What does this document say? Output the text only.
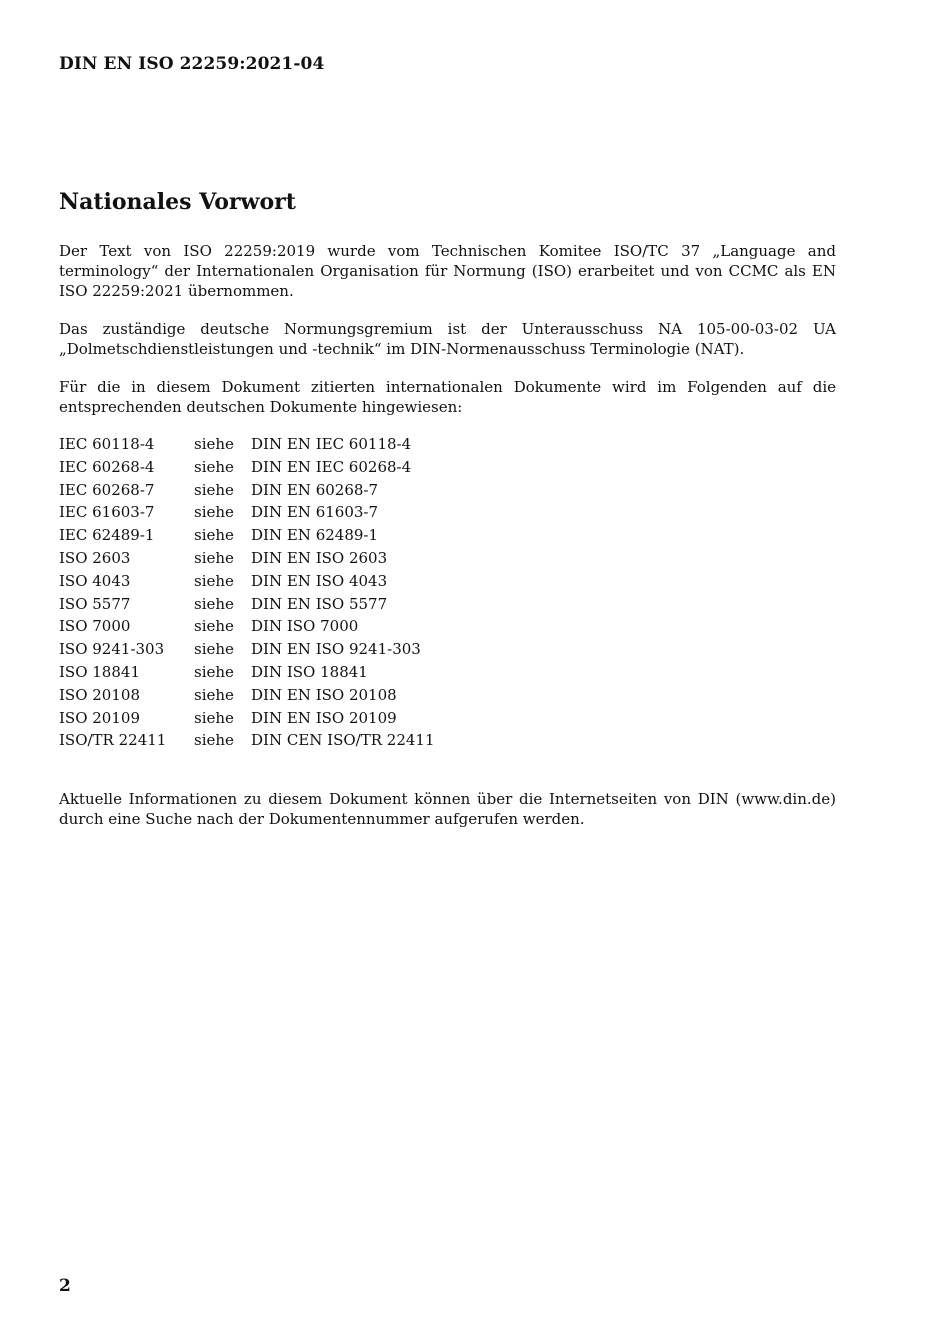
DIN EN ISO 22259:2021-04
Nationales Vorwort

Der Text von ISO 22259:2019 wurde vom Technischen Komitee ISO/TC 37 „Language and terminology“ der Internationalen Organisation für Normung (ISO) erarbeitet und von CCMC als EN ISO 22259:2021 übernommen.

Das zuständige deutsche Normungsgremium ist der Unterausschuss NA 105-00-03-02 UA „Dolmetschdienstleistungen und -technik“ im DIN-Normenausschuss Terminologie (NAT).

Für die in diesem Dokument zitierten internationalen Dokumente wird im Folgenden auf die entsprechenden deutschen Dokumente hingewiesen:

IEC 60118-4	siehe	DIN EN IEC 60118-4
IEC 60268-4	siehe	DIN EN IEC 60268-4
IEC 60268-7	siehe	DIN EN 60268-7
IEC 61603-7	siehe	DIN EN 61603-7
IEC 62489-1	siehe	DIN EN 62489-1
ISO 2603	siehe	DIN EN ISO 2603
ISO 4043	siehe	DIN EN ISO 4043
ISO 5577	siehe	DIN EN ISO 5577
ISO 7000	siehe	DIN ISO 7000
ISO 9241-303	siehe	DIN EN ISO 9241-303
ISO 18841	siehe	DIN ISO 18841
ISO 20108	siehe	DIN EN ISO 20108
ISO 20109	siehe	DIN EN ISO 20109
ISO/TR 22411	siehe	DIN CEN ISO/TR 22411

Aktuelle Informationen zu diesem Dokument können über die Internetseiten von DIN (www.din.de) durch eine Suche nach der Dokumentennummer aufgerufen werden.

2
